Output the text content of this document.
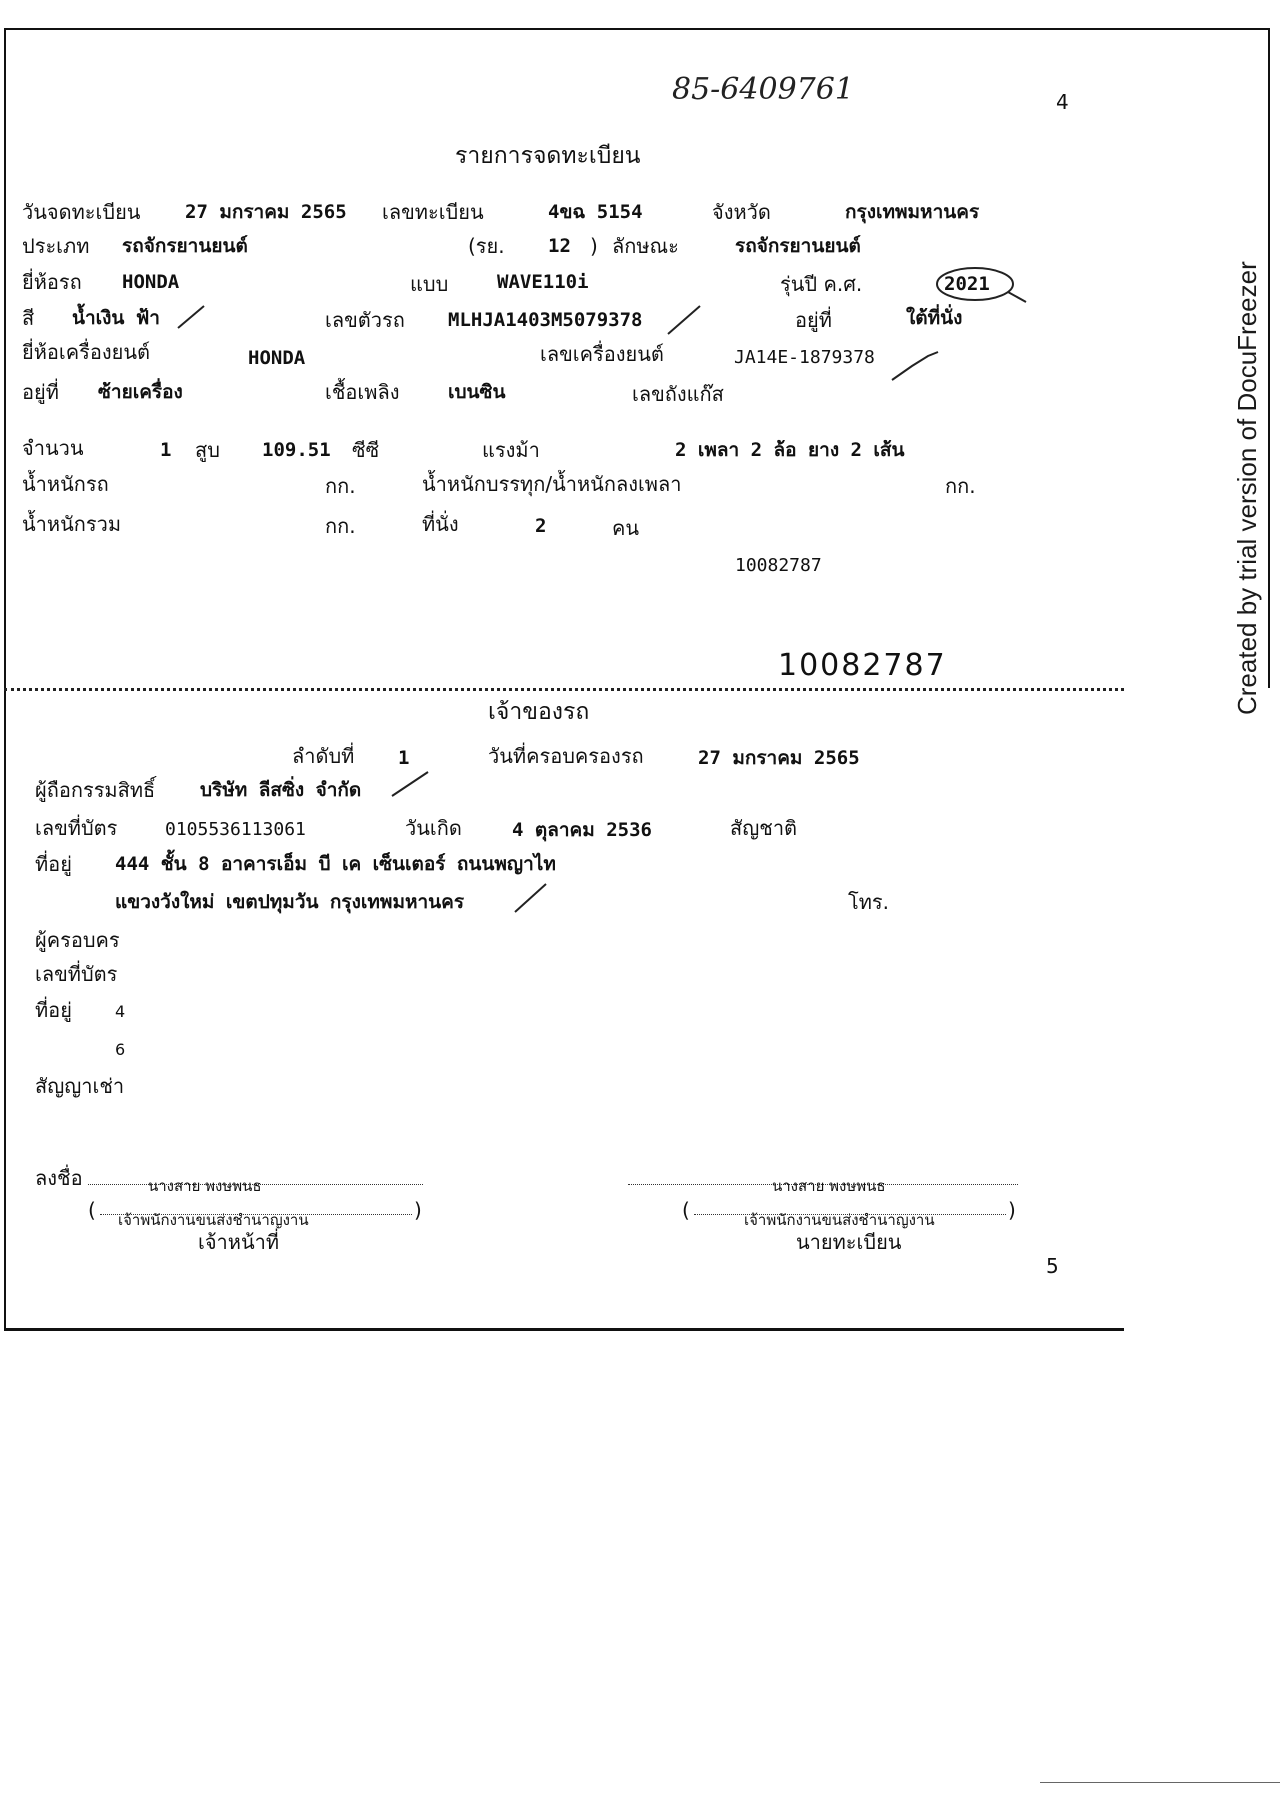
85-6409761	4
5
Created by trial version of DocuFreezer
รายการจดทะเบียน
วันจดทะเบียน 27 มกราคม 2565 เลขทะเบียน	4ขฉ 5154	จังหวัด	กรุงเทพมหานคร
ประเภท รถจักรยานยนต์	(รย. 12 ) ลักษณะ	รถจักรยานยนต์
ยี่ห้อรถ HONDA	แบบ	WAVE110i	รุ่นปี ค.ศ.	2021
สี น้ำเงิน ฟ้า	เลขตัวรถ MLHJA1403M5079378	อยู่ที่	ใต้ที่นั่ง
ยี่ห้อเครื่องยนต์	HONDA	เลขเครื่องยนต์	JA14E-1879378
อยู่ที่ ซ้ายเครื่อง	เชื้อเพลิง	เบนซิน	เลขถังแก๊ส
จำนวน	1 สูบ 109.51 ซีซี	แรงม้า	2 เพลา 2 ล้อ ยาง 2 เส้น
น้ำหนักรถ	กก.	น้ำหนักบรรทุก/น้ำหนักลงเพลา	กก.
น้ำหนักรวม	กก.	ที่นั่ง	2	คน
10082787
10082787
เจ้าของรถ
ลำดับที่ 1	วันที่ครอบครองรถ	27 มกราคม 2565
ผู้ถือกรรมสิทธิ์ บริษัท ลีสซิ่ง จำกัด
เลขที่บัตร	0105536113061	วันเกิด	4 ตุลาคม 2536	สัญชาติ
ที่อยู่ 444 ชั้น 8 อาคารเอ็ม บี เค เซ็นเตอร์ ถนนพญาไท
แขวงวังใหม่ เขตปทุมวัน กรุงเทพมหานคร	โทร.
ผู้ครอบคร
เลขที่บัตร
ที่อยู่	4
6
สัญญาเช่า
ลงชื่อ	นางสาย พงษพนธ
( เจ้าพนักงานขนส่งชำนาญงาน	)
เจ้าหน้าที่
นางสาย พงษพนธ
(	เจ้าพนักงานขนส่งชำนาญงาน	)
นายทะเบียน
